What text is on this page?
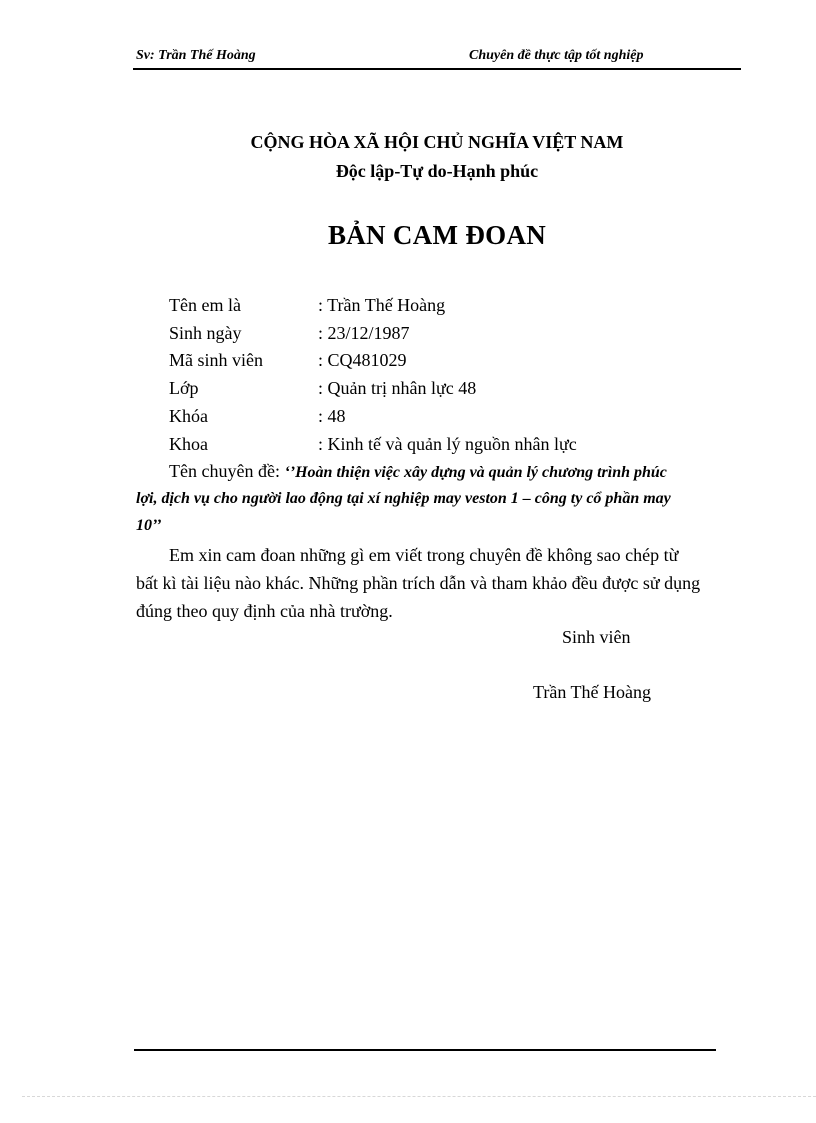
Sv: Trần Thế Hoàng	Chuyên đề thực tập tốt nghiệp
CỘNG HÒA XÃ HỘI CHỦ NGHĨA VIỆT NAM
Độc lập-Tự do-Hạnh phúc
BẢN CAM ĐOAN
Tên em là	: Trần Thế Hoàng
Sinh ngày	: 23/12/1987
Mã sinh viên	: CQ481029
Lớp	: Quản trị nhân lực 48
Khóa	: 48
Khoa	: Kinh tế và quản lý nguồn nhân lực
Tên chuyên đề: ‘’Hoàn thiện việc xây dựng và quản lý chương trình phúc
lợi, dịch vụ cho người lao động tại xí nghiệp may veston 1 – công ty cổ phần may
10’’
Em xin cam đoan những gì em viết trong chuyên đề không sao chép từ
bất kì tài liệu nào khác. Những phần trích dẫn và tham khảo đều được sử dụng
đúng theo quy định của nhà trường.
Sinh viên
Trần Thế Hoàng
